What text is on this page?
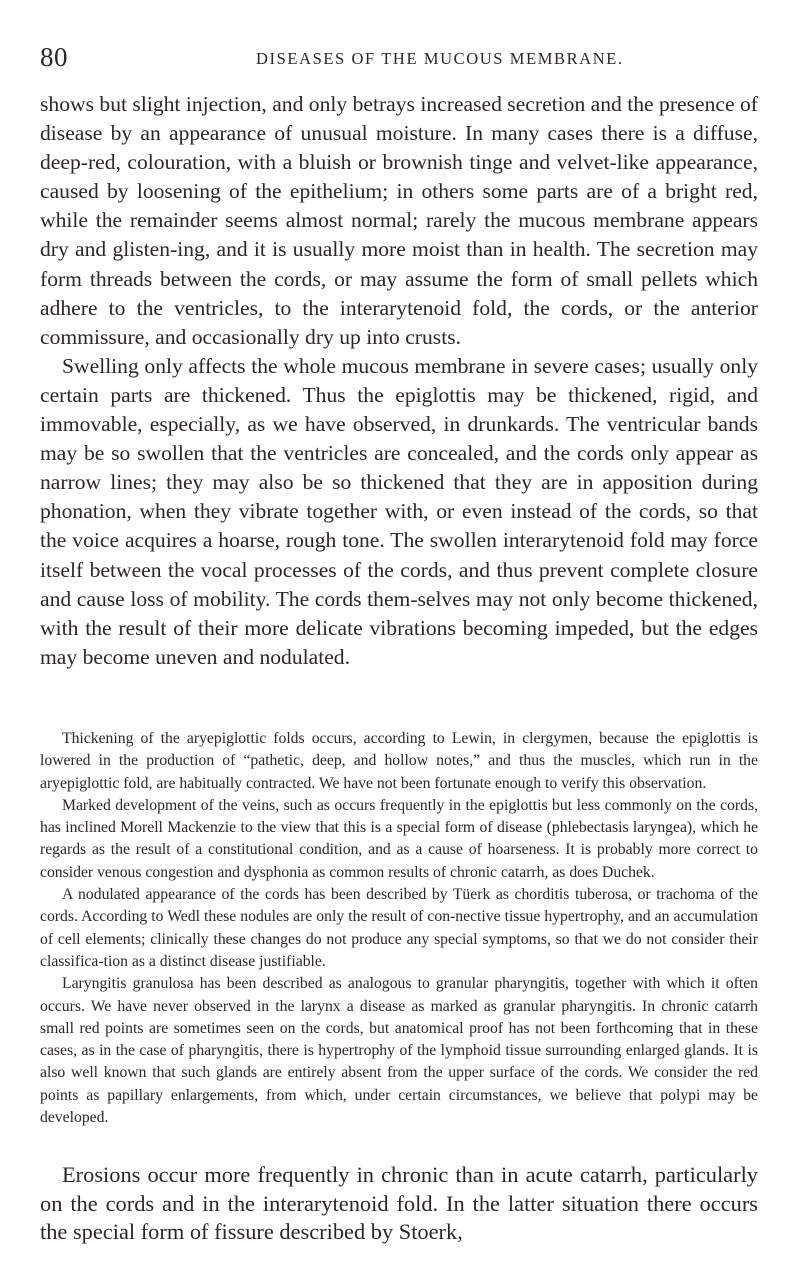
80	DISEASES OF THE MUCOUS MEMBRANE.

shows but slight injection, and only betrays increased secretion and the presence of disease by an appearance of unusual moisture. In many cases there is a diffuse, deep-red, colouration, with a bluish or brownish tinge and velvet-like appearance, caused by loosening of the epithelium; in others some parts are of a bright red, while the remainder seems almost normal; rarely the mucous membrane appears dry and glisten-ing, and it is usually more moist than in health. The secretion may form threads between the cords, or may assume the form of small pellets which adhere to the ventricles, to the interarytenoid fold, the cords, or the anterior commissure, and occasionally dry up into crusts.

Swelling only affects the whole mucous membrane in severe cases; usually only certain parts are thickened. Thus the epiglottis may be thickened, rigid, and immovable, especially, as we have observed, in drunkards. The ventricular bands may be so swollen that the ventricles are concealed, and the cords only appear as narrow lines; they may also be so thickened that they are in apposition during phonation, when they vibrate together with, or even instead of the cords, so that the voice acquires a hoarse, rough tone. The swollen interarytenoid fold may force itself between the vocal processes of the cords, and thus prevent complete closure and cause loss of mobility. The cords them-selves may not only become thickened, with the result of their more delicate vibrations becoming impeded, but the edges may become uneven and nodulated.

Thickening of the aryepiglottic folds occurs, according to Lewin, in clergymen, because the epiglottis is lowered in the production of “pathetic, deep, and hollow notes,” and thus the muscles, which run in the aryepiglottic fold, are habitually contracted. We have not been fortunate enough to verify this observation.

Marked development of the veins, such as occurs frequently in the epiglottis but less commonly on the cords, has inclined Morell Mackenzie to the view that this is a special form of disease (phlebectasis laryngea), which he regards as the result of a constitutional condition, and as a cause of hoarseness. It is probably more correct to consider venous congestion and dysphonia as common results of chronic catarrh, as does Duchek.

A nodulated appearance of the cords has been described by Tüerk as chorditis tuberosa, or trachoma of the cords. According to Wedl these nodules are only the result of con-nective tissue hypertrophy, and an accumulation of cell elements; clinically these changes do not produce any special symptoms, so that we do not consider their classifica-tion as a distinct disease justifiable.

Laryngitis granulosa has been described as analogous to granular pharyngitis, together with which it often occurs. We have never observed in the larynx a disease as marked as granular pharyngitis. In chronic catarrh small red points are sometimes seen on the cords, but anatomical proof has not been forthcoming that in these cases, as in the case of pharyngitis, there is hypertrophy of the lymphoid tissue surrounding enlarged glands. It is also well known that such glands are entirely absent from the upper surface of the cords. We consider the red points as papillary enlargements, from which, under certain circumstances, we believe that polypi may be developed.

Erosions occur more frequently in chronic than in acute catarrh, particularly on the cords and in the interarytenoid fold. In the latter situation there occurs the special form of fissure described by Stoerk,
